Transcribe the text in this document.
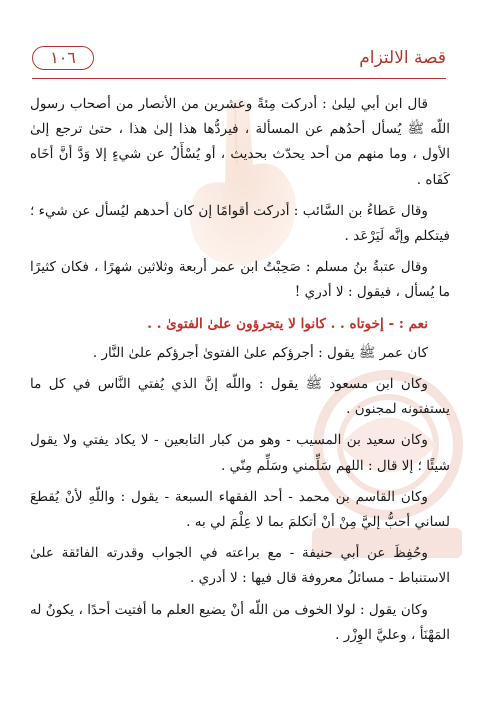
١٠٦	قصة الالتزام

قال ابن أبي ليلىٰ : أدركت مِئةً وعشرين من الأنصار من أصحاب رسول اللّه ﷺ يُسأل أحدُهم عن المسألة ، فيردُّها هذا إلىٰ هذا ، حتىٰ ترجع إلىٰ الأول ، وما منهم من أحد يحدّث بحديث ، أو يُسْأَلُ عن شيءٍ إلا وَدَّ أنَّ أخَاه كَفَاه .

وقال عَطاءُ بن السَّائب : أدركت أقوامًا إن كان أحدهم ليُسأل عن شيء ؛ فيتكلم وإنَّه لَيَرْعَد .

وقال عتبةُ بنُ مسلم : صَحِبْتُ ابن عمر أربعة وثلاثين شهرًا ، فكان كثيرًا ما يُسأل ، فيقول : لا أدري !

نعم : - إخوتاه . . كانوا لا يتجرؤون علىٰ الفتوىٰ . .

كان عمر ﷺ يقول : أجرؤكم علىٰ الفتوىٰ أجرؤكم علىٰ النَّار .

وكان ابن مسعود ﷺ يقول : واللّه إنَّ الذي يُفتي النَّاس في كل ما يستفتونه لمجنون .

وكان سعيد بن المسيب - وهو من كبار التابعين - لا يكاد يفتي ولا يقول شيئًا ؛ إلا قال : اللهم سَلِّمني وسَلِّم مِنّي .

وكان القاسم بن محمد - أحد الفقهاء السبعة - يقول : واللّهِ لأنْ يُقطعَ لساني أحبُّ إليَّ مِنْ أنْ أتكلمَ بما لا عِلْمَ لي به .

وحُفِظَ عن أبي حنيفة - مع براعته في الجواب وقدرته الفائقة علىٰ الاستنباط - مسائلُ معروفة قال فيها : لا أدري .

وكان يقول : لولا الخوف من اللّه أنْ يضيع العلم ما أفتيت أحدًا ، يكونُ له المَهْنَأ ، وعليَّ الوِزْر .
